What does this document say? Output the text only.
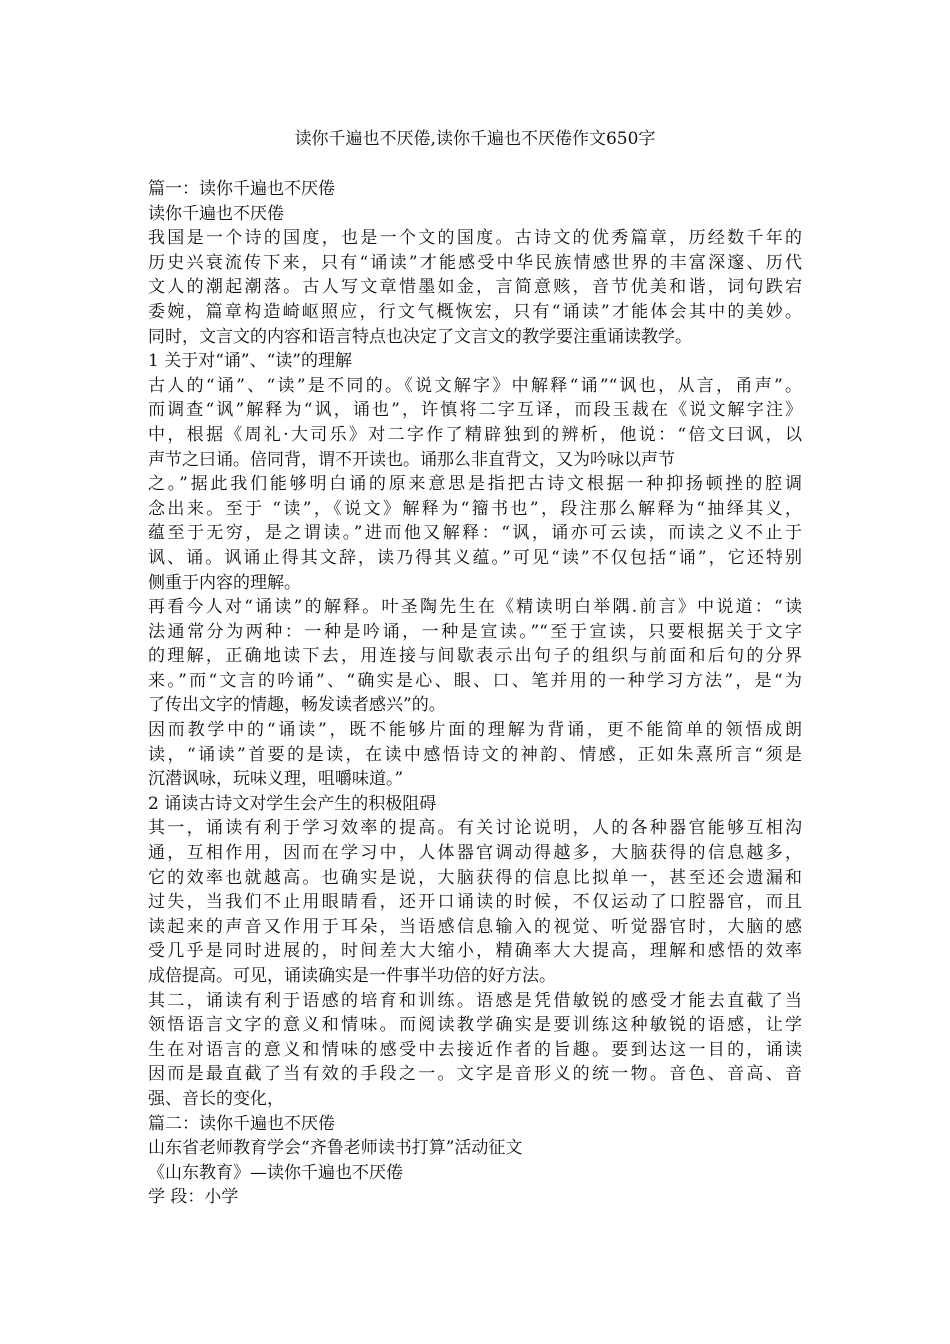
读你千遍也不厌倦,读你千遍也不厌倦作文650字
篇一：读你千遍也不厌倦
读你千遍也不厌倦
我国是一个诗的国度，也是一个文的国度。古诗文的优秀篇章，历经数千年的
历史兴衰流传下来，只有“诵读”才能感受中华民族情感世界的丰富深邃、历代
文人的潮起潮落。古人写文章惜墨如金，言简意赅，音节优美和谐，词句跌宕
委婉，篇章构造崎岖照应，行文气概恢宏，只有“诵读”才能体会其中的美妙。
同时，文言文的内容和语言特点也决定了文言文的教学要注重诵读教学。
1 关于对“诵”、“读”的理解
古人的“诵”、“读”是不同的。《说文解字》中解释“诵”“讽也，从言，甬声”。
而调查“讽”解释为“讽，诵也”，许慎将二字互译，而段玉裁在《说文解字注》
中，根据《周礼·大司乐》对二字作了精辟独到的辨析，他说：“倍文曰讽，以
声节之曰诵。倍同背，谓不开读也。诵那么非直背文，又为吟咏以声节
之。”据此我们能够明白诵的原来意思是指把古诗文根据一种抑扬顿挫的腔调
念出来。至于 “读”，《说文》解释为“籀书也”，段注那么解释为“抽绎其义，
蕴至于无穷，是之谓读。”进而他又解释：“讽，诵亦可云读，而读之义不止于
讽、诵。讽诵止得其文辞，读乃得其义蕴。”可见“读”不仅包括“诵”，它还特别
侧重于内容的理解。
再看今人对“诵读”的解释。叶圣陶先生在《精读明白举隅.前言》中说道：“读
法通常分为两种：一种是吟诵，一种是宣读。”“至于宣读，只要根据关于文字
的理解，正确地读下去，用连接与间歇表示出句子的组织与前面和后句的分界
来。”而“文言的吟诵”、“确实是心、眼、口、笔并用的一种学习方法”，是“为
了传出文字的情趣，畅发读者感兴”的。
因而教学中的“诵读”，既不能够片面的理解为背诵，更不能简单的领悟成朗
读，“诵读”首要的是读，在读中感悟诗文的神韵、情感，正如朱熹所言“须是
沉潜讽咏，玩味义理，咀嚼味道。”
2 诵读古诗文对学生会产生的积极阻碍
其一，诵读有利于学习效率的提高。有关讨论说明，人的各种器官能够互相沟
通，互相作用，因而在学习中，人体器官调动得越多，大脑获得的信息越多，
它的效率也就越高。也确实是说，大脑获得的信息比拟单一，甚至还会遗漏和
过失，当我们不止用眼睛看，还开口诵读的时候，不仅运动了口腔器官，而且
读起来的声音又作用于耳朵，当语感信息输入的视觉、听觉器官时，大脑的感
受几乎是同时进展的，时间差大大缩小，精确率大大提高，理解和感悟的效率
成倍提高。可见，诵读确实是一件事半功倍的好方法。
其二，诵读有利于语感的培育和训练。语感是凭借敏锐的感受才能去直截了当
领悟语言文字的意义和情味。而阅读教学确实是要训练这种敏锐的语感，让学
生在对语言的意义和情味的感受中去接近作者的旨趣。要到达这一目的，诵读
因而是最直截了当有效的手段之一。文字是音形义的统一物。音色、音高、音
强、音长的变化，
篇二：读你千遍也不厌倦
山东省老师教育学会“齐鲁老师读书打算”活动征文
《山东教育》—读你千遍也不厌倦
学 段：小学
